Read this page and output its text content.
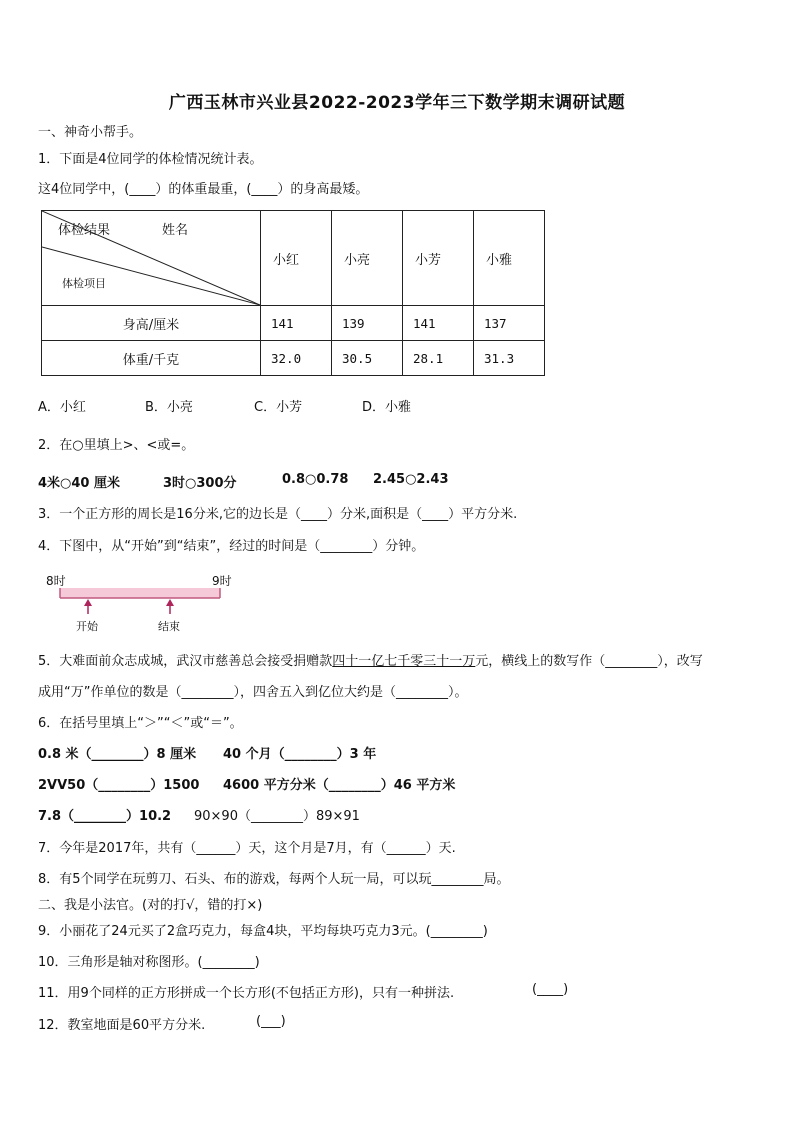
广西玉林市兴业县2022-2023学年三下数学期末调研试题
一、神奇小帮手。
1．下面是4位同学的体检情况统计表。
这4位同学中，(____）的体重最重，(____）的身高最矮。
体检结果 姓名
体检项目	小红	小亮	小芳	小雅
身高/厘米	141	139	141	137
体重/千克	32.0	30.5	28.1	31.3
A．小红	B．小亮	C．小芳	D．小雅
2．在○里填上>、<或=。
4米○40 厘米	3时○300分	0.8○0.78 2.45○2.43
3．一个正方形的周长是16分米,它的边长是（____）分米,面积是（____）平方分米.
4．下图中，从“开始”到“结束”，经过的时间是（________）分钟。
8时	9时
开始	结束
5．大难面前众志成城，武汉市慈善总会接受捐赠款四十一亿七千零三十一万元，横线上的数写作（________），改写
成用“万”作单位的数是（________），四舍五入到亿位大约是（________）。
6．在括号里填上“＞”“＜”或“＝”。
0.8 米（________）8 厘米 40 个月（________）3 年
2VV50（________）1500 4600 平方分米（________）46 平方米
7.8（________）10.2 90×90（________）89×91
7．今年是2017年，共有（______）天，这个月是7月，有（______）天.
8．有5个同学在玩剪刀、石头、布的游戏，每两个人玩一局，可以玩________局。
二、我是小法官。(对的打√，错的打×)
9．小丽花了24元买了2盒巧克力，每盒4块，平均每块巧克力3元。(________)
10．三角形是轴对称图形。(________)
11．用9个同样的正方形拼成一个长方形(不包括正方形)，只有一种拼法.	(____)
12．教室地面是60平方分米.	(___)
